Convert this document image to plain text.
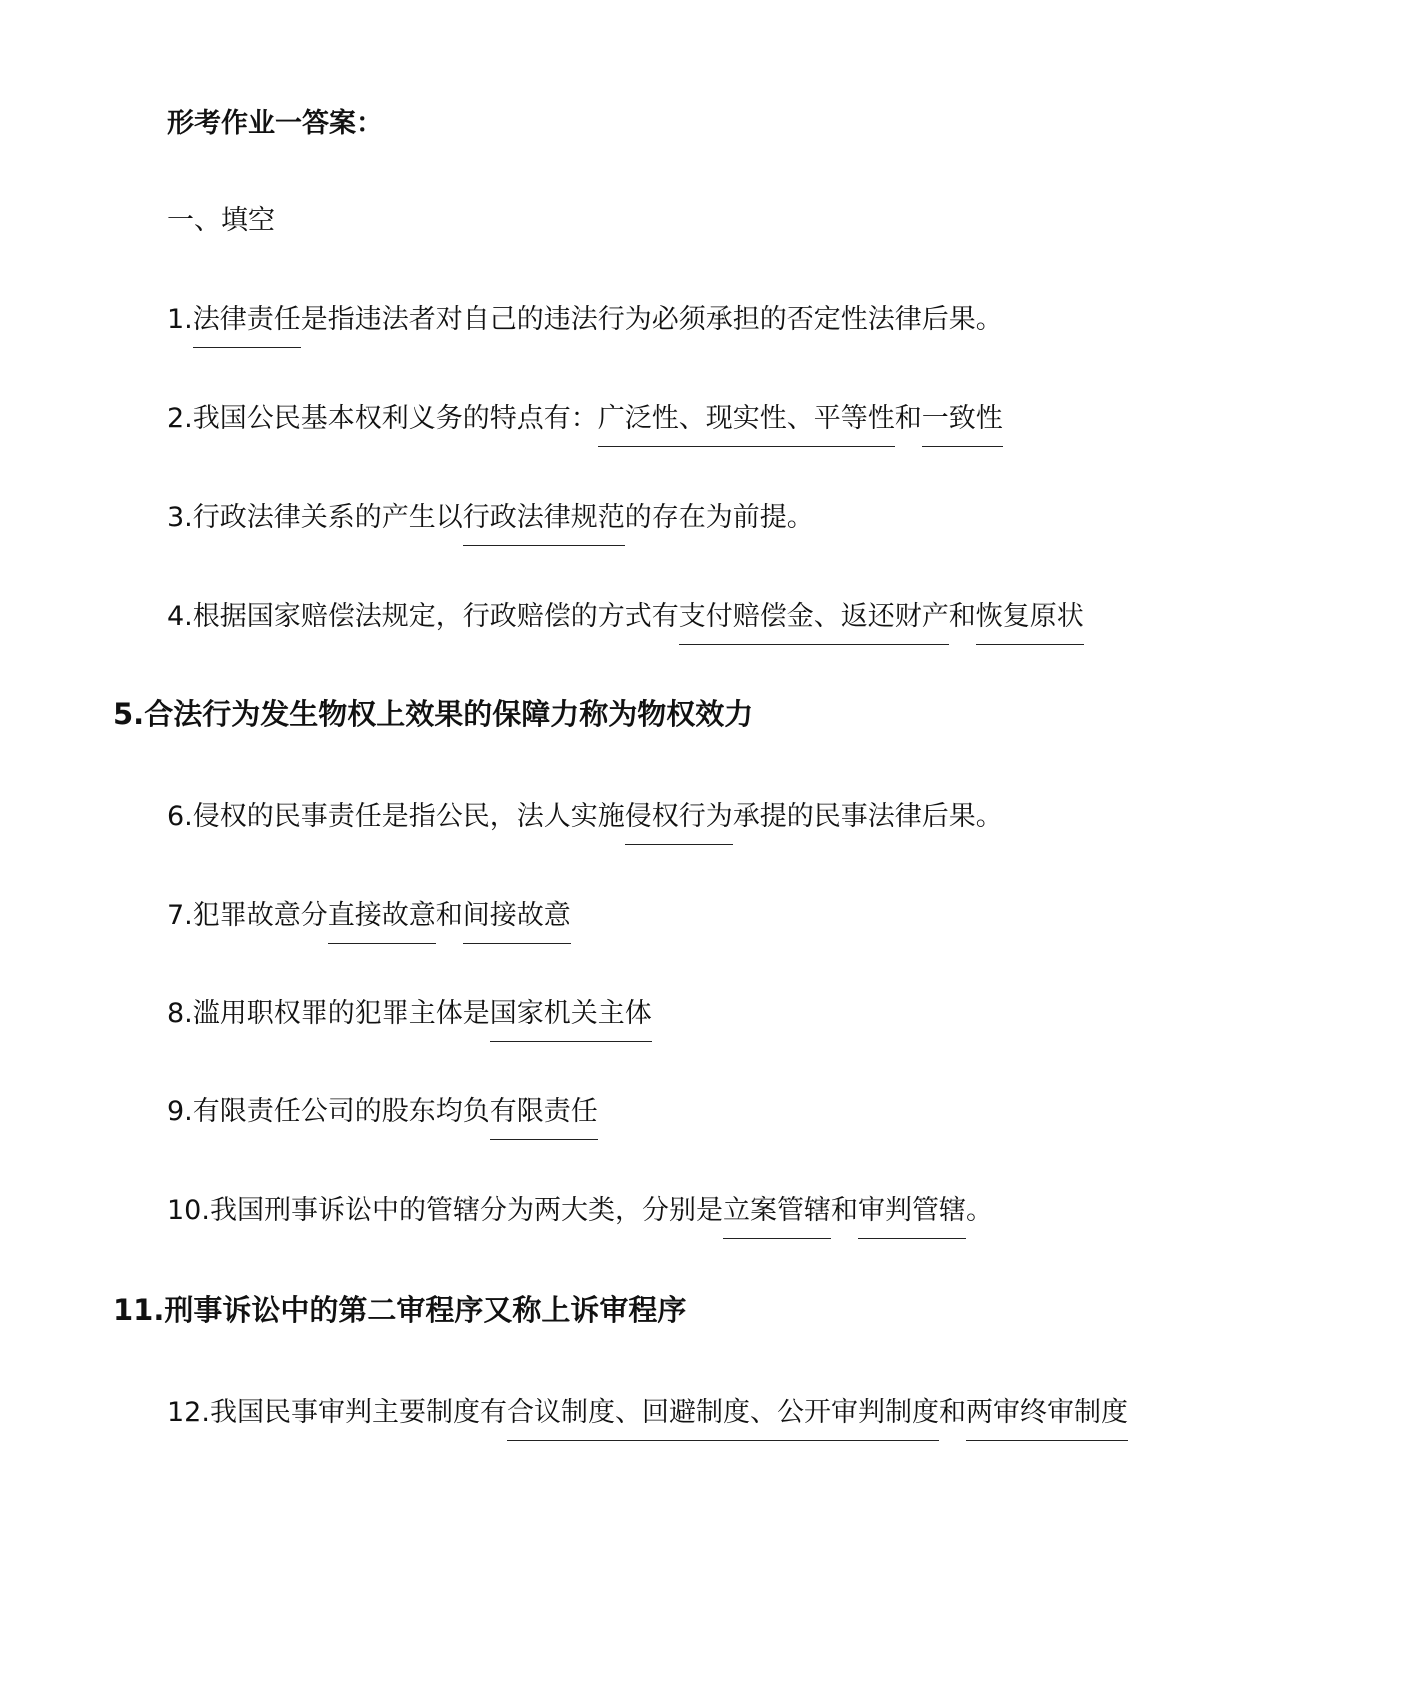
形考作业一答案：
一、填空
1.法律责任是指违法者对自己的违法行为必须承担的否定性法律后果。
2.我国公民基本权利义务的特点有：广泛性、现实性、平等性和一致性
3.行政法律关系的产生以行政法律规范的存在为前提。
4.根据国家赔偿法规定，行政赔偿的方式有支付赔偿金、返还财产和恢复原状
5.合法行为发生物权上效果的保障力称为物权效力
6.侵权的民事责任是指公民，法人实施侵权行为承提的民事法律后果。
7.犯罪故意分直接故意和间接故意
8.滥用职权罪的犯罪主体是国家机关主体
9.有限责任公司的股东均负有限责任
10.我国刑事诉讼中的管辖分为两大类，分别是立案管辖和审判管辖。
11.刑事诉讼中的第二审程序又称上诉审程序
12.我国民事审判主要制度有合议制度、回避制度、公开审判制度和两审终审制度
